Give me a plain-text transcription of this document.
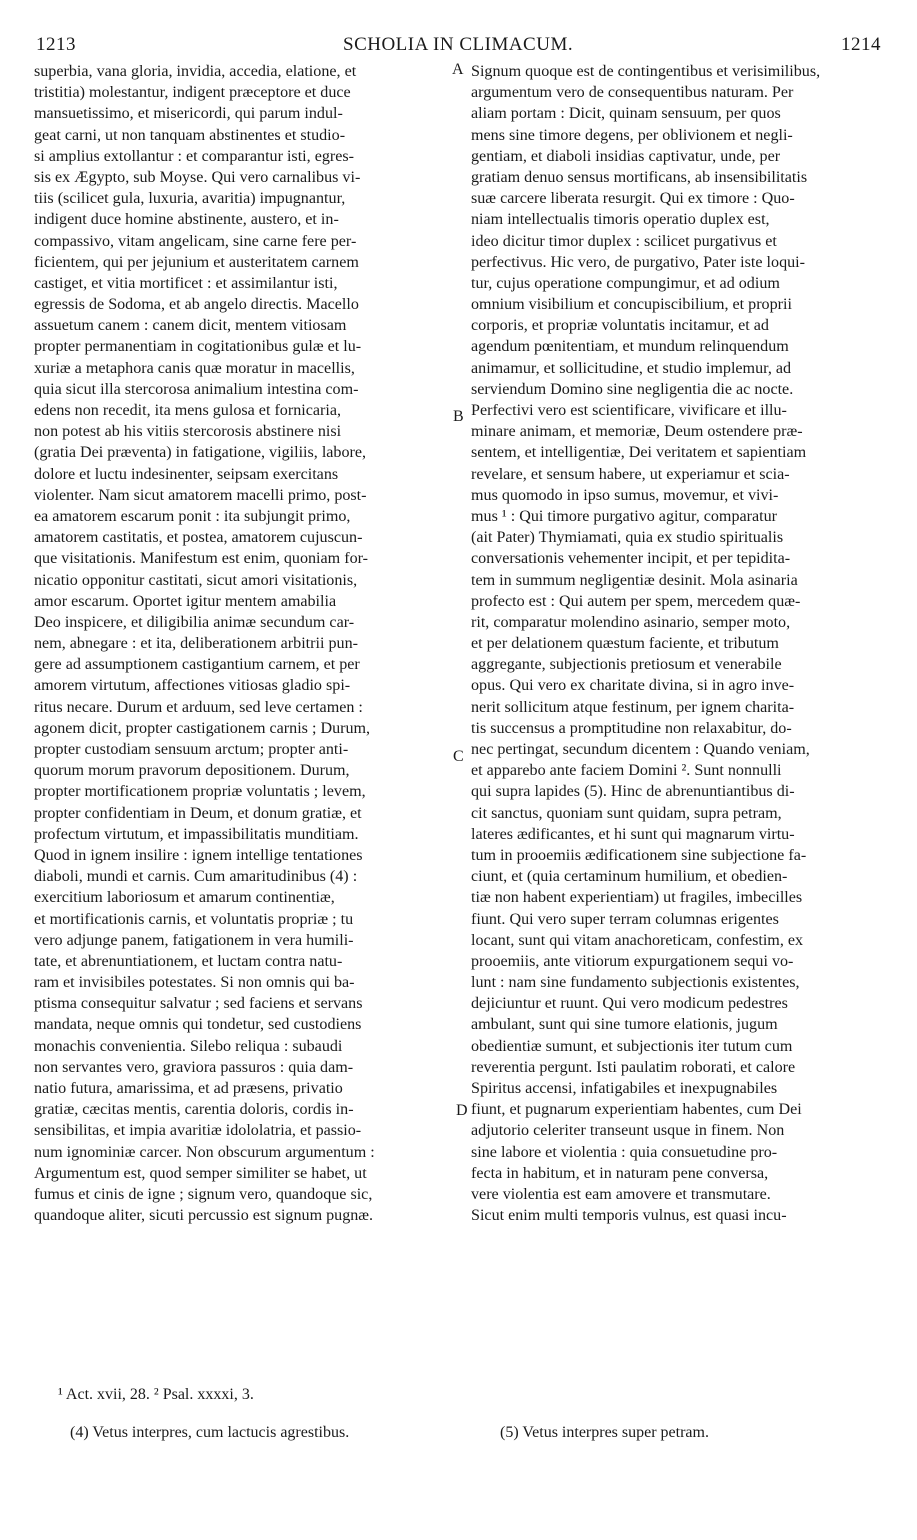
1213	SCHOLIA IN CLIMACUM.	1214
superbia, vana gloria, invidia, accedia, elatione, et
tristitia) molestantur, indigent præceptore et duce
mansuetissimo, et misericordi, qui parum indul-
geat carni, ut non tanquam abstinentes et studio-
si amplius extollantur : et comparantur isti, egres-
sis ex Ægypto, sub Moyse. Qui vero carnalibus vi-
tiis (scilicet gula, luxuria, avaritia) impugnantur,
indigent duce homine abstinente, austero, et in-
compassivo, vitam angelicam, sine carne fere per-
ficientem, qui per jejunium et austeritatem carnem
castiget, et vitia mortificet : et assimilantur isti,
egressis de Sodoma, et ab angelo directis. Macello
assuetum canem : canem dicit, mentem vitiosam
propter permanentiam in cogitationibus gulæ et lu-
xuriæ a metaphora canis quæ moratur in macellis,
quia sicut illa stercorosa animalium intestina com-
edens non recedit, ita mens gulosa et fornicaria,
non potest ab his vitiis stercorosis abstinere nisi
(gratia Dei præventa) in fatigatione, vigiliis, labore,
dolore et luctu indesinenter, seipsam exercitans
violenter. Nam sicut amatorem macelli primo, post-
ea amatorem escarum ponit : ita subjungit primo,
amatorem castitatis, et postea, amatorem cujuscun-
que visitationis. Manifestum est enim, quoniam for-
nicatio opponitur castitati, sicut amori visitationis,
amor escarum. Oportet igitur mentem amabilia
Deo inspicere, et diligibilia animæ secundum car-
nem, abnegare : et ita, deliberationem arbitrii pun-
gere ad assumptionem castigantium carnem, et per
amorem virtutum, affectiones vitiosas gladio spi-
ritus necare. Durum et arduum, sed leve certamen :
agonem dicit, propter castigationem carnis ; Durum,
propter custodiam sensuum arctum; propter anti-
quorum morum pravorum depositionem. Durum,
propter mortificationem propriæ voluntatis ; levem,
propter confidentiam in Deum, et donum gratiæ, et
profectum virtutum, et impassibilitatis munditiam.
Quod in ignem insilire : ignem intellige tentationes
diaboli, mundi et carnis. Cum amaritudinibus (4) :
exercitium laboriosum et amarum continentiæ,
et mortificationis carnis, et voluntatis propriæ ; tu
vero adjunge panem, fatigationem in vera humili-
tate, et abrenuntiationem, et luctam contra natu-
ram et invisibiles potestates. Si non omnis qui ba-
ptisma consequitur salvatur ; sed faciens et servans
mandata, neque omnis qui tondetur, sed custodiens
monachis convenientia. Silebo reliqua : subaudi
non servantes vero, graviora passuros : quia dam-
natio futura, amarissima, et ad præsens, privatio
gratiæ, cæcitas mentis, carentia doloris, cordis in-
sensibilitas, et impia avaritiæ idololatria, et passio-
num ignominiæ carcer. Non obscurum argumentum :
Argumentum est, quod semper similiter se habet, ut
fumus et cinis de igne ; signum vero, quandoque sic,
quandoque aliter, sicuti percussio est signum pugnæ.
Signum quoque est de contingentibus et verisimilibus,
argumentum vero de consequentibus naturam. Per
aliam portam : Dicit, quinam sensuum, per quos
mens sine timore degens, per oblivionem et negli-
gentiam, et diaboli insidias captivatur, unde, per
gratiam denuo sensus mortificans, ab insensibilitatis
suæ carcere liberata resurgit. Qui ex timore : Quo-
niam intellectualis timoris operatio duplex est,
ideo dicitur timor duplex : scilicet purgativus et
perfectivus. Hic vero, de purgativo, Pater iste loqui-
tur, cujus operatione compungimur, et ad odium
omnium visibilium et concupiscibilium, et proprii
corporis, et propriæ voluntatis incitamur, et ad
agendum pœnitentiam, et mundum relinquendum
animamur, et sollicitudine, et studio implemur, ad
serviendum Domino sine negligentia die ac nocte.
Perfectivi vero est scientificare, vivificare et illu-
minare animam, et memoriæ, Deum ostendere præ-
sentem, et intelligentiæ, Dei veritatem et sapientiam
revelare, et sensum habere, ut experiamur et scia-
mus quomodo in ipso sumus, movemur, et vivi-
mus ¹ : Qui timore purgativo agitur, comparatur
(ait Pater) Thymiamati, quia ex studio spiritualis
conversationis vehementer incipit, et per tepidita-
tem in summum negligentiæ desinit. Mola asinaria
profecto est : Qui autem per spem, mercedem quæ-
rit, comparatur molendino asinario, semper moto,
et per delationem quæstum faciente, et tributum
aggregante, subjectionis pretiosum et venerabile
opus. Qui vero ex charitate divina, si in agro inve-
nerit sollicitum atque festinum, per ignem charita-
tis succensus a promptitudine non relaxabitur, do-
nec pertingat, secundum dicentem : Quando veniam,
et apparebo ante faciem Domini ². Sunt nonnulli
qui supra lapides (5). Hinc de abrenuntiantibus di-
cit sanctus, quoniam sunt quidam, supra petram,
lateres ædificantes, et hi sunt qui magnarum virtu-
tum in prooemiis ædificationem sine subjectione fa-
ciunt, et (quia certaminum humilium, et obedien-
tiæ non habent experientiam) ut fragiles, imbecilles
fiunt. Qui vero super terram columnas erigentes
locant, sunt qui vitam anachoreticam, confestim, ex
prooemiis, ante vitiorum expurgationem sequi vo-
lunt : nam sine fundamento subjectionis existentes,
dejiciuntur et ruunt. Qui vero modicum pedestres
ambulant, sunt qui sine tumore elationis, jugum
obedientiæ sumunt, et subjectionis iter tutum cum
reverentia pergunt. Isti paulatim roborati, et calore
Spiritus accensi, infatigabiles et inexpugnabiles
fiunt, et pugnarum experientiam habentes, cum Dei
adjutorio celeriter transeunt usque in finem. Non
sine labore et violentia : quia consuetudine pro-
fecta in habitum, et in naturam pene conversa,
vere violentia est eam amovere et transmutare.
Sicut enim multi temporis vulnus, est quasi incu-
A
B
C
D
¹ Act. xvii, 28. ² Psal. xxxxi, 3.
(4) Vetus interpres, cum lactucis agrestibus.	(5) Vetus interpres super petram.
